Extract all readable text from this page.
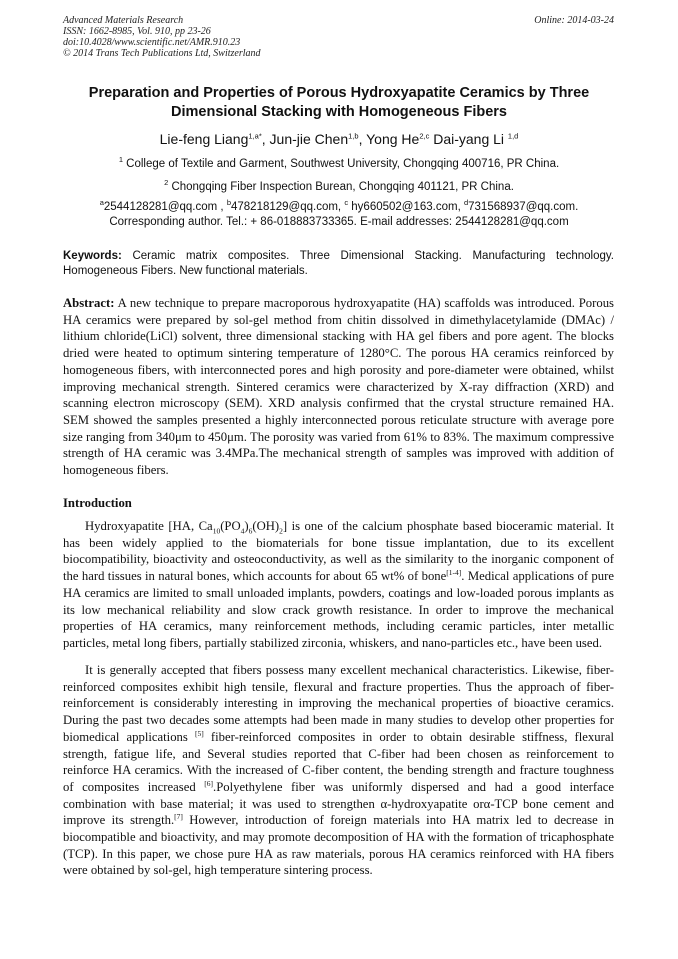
Advanced Materials Research
ISSN: 1662-8985, Vol. 910, pp 23-26
doi:10.4028/www.scientific.net/AMR.910.23
© 2014 Trans Tech Publications Ltd, Switzerland
Online: 2014-03-24
Preparation and Properties of Porous Hydroxyapatite Ceramics by Three
Dimensional Stacking with Homogeneous Fibers
Lie-feng Liang$^{1,a*}$, Jun-jie Chen$^{1,b}$, Yong He$^{2,c}$ Dai-yang Li $^{1,d}$
$^1$ College of Textile and Garment, Southwest University, Chongqing 400716, PR China.
$^2$ Chongqing Fiber Inspection Burean, Chongqing 401121, PR China.
$^a$2544128281@qq.com , $^b$478218129@qq.com, $^c$ hy660502@163.com, $^d$731568937@qq.com.
Corresponding author. Tel.: + 86-018883733365. E-mail addresses: 2544128281@qq.com
Keywords: Ceramic matrix composites. Three Dimensional Stacking. Manufacturing technology. Homogeneous Fibers. New functional materials.
Abstract: A new technique to prepare macroporous hydroxyapatite (HA) scaffolds was introduced. Porous HA ceramics were prepared by sol-gel method from chitin dissolved in dimethylacetylamide (DMAc) / lithium chloride(LiCl) solvent, three dimensional stacking with HA gel fibers and pore agent. The blocks dried were heated to optimum sintering temperature of 1280°C. The porous HA ceramics reinforced by homogeneous fibers, with interconnected pores and high porosity and pore-diameter were obtained, whilst improving mechanical strength. Sintered ceramics were characterized by X-ray diffraction (XRD) and scanning electron microscopy (SEM). XRD analysis confirmed that the crystal structure remained HA. SEM showed the samples presented a highly interconnected porous reticulate structure with average pore size ranging from 340μm to 450μm. The porosity was varied from 61% to 83%. The maximum compressive strength of HA ceramic was 3.4MPa.The mechanical strength of samples was improved with addition of homogeneous fibers.
Introduction
Hydroxyapatite [HA, $Ca_{10}(PO_4)_6(OH)_2$] is one of the calcium phosphate based bioceramic material. It has been widely applied to the biomaterials for bone tissue implantation, due to its excellent biocompatibility, bioactivity and osteoconductivity, as well as the similarity to the inorganic component of the hard tissues in natural bones, which accounts for about 65 wt% of bone[1-4]. Medical applications of pure HA ceramics are limited to small unloaded implants, powders, coatings and low-loaded porous implants as its low mechanical reliability and slow crack growth resistance. In order to improve the mechanical properties of HA ceramics, many reinforcement methods, including ceramic particles, inter metallic particles, metal long fibers, partially stabilized zirconia, whiskers, and nano-particles etc., have been used.
It is generally accepted that fibers possess many excellent mechanical characteristics. Likewise, fiber-reinforced composites exhibit high tensile, flexural and fracture properties. Thus the approach of fiber-reinforcement is considerably interesting in improving the mechanical properties of bioactive ceramics. During the past two decades some attempts had been made in many studies to develop other properties for biomedical applications [5] fiber-reinforced composites in order to obtain desirable stiffness, flexural strength, fatigue life, and Several studies reported that C-fiber had been chosen as reinforcement to reinforce HA ceramics. With the increased of C-fiber content, the bending strength and fracture toughness of composites increased [6].Polyethylene fiber was uniformly dispersed and had a good interface combination with base material; it was used to strengthen α-hydroxyapatite orα-TCP bone cement and improve its strength.[7] However, introduction of foreign materials into HA matrix led to decrease in biocompatible and bioactivity, and may promote decomposition of HA with the formation of tricaphosphate (TCP). In this paper, we chose pure HA as raw materials, porous HA ceramics reinforced with HA fibers were obtained by sol-gel, high temperature sintering process.
